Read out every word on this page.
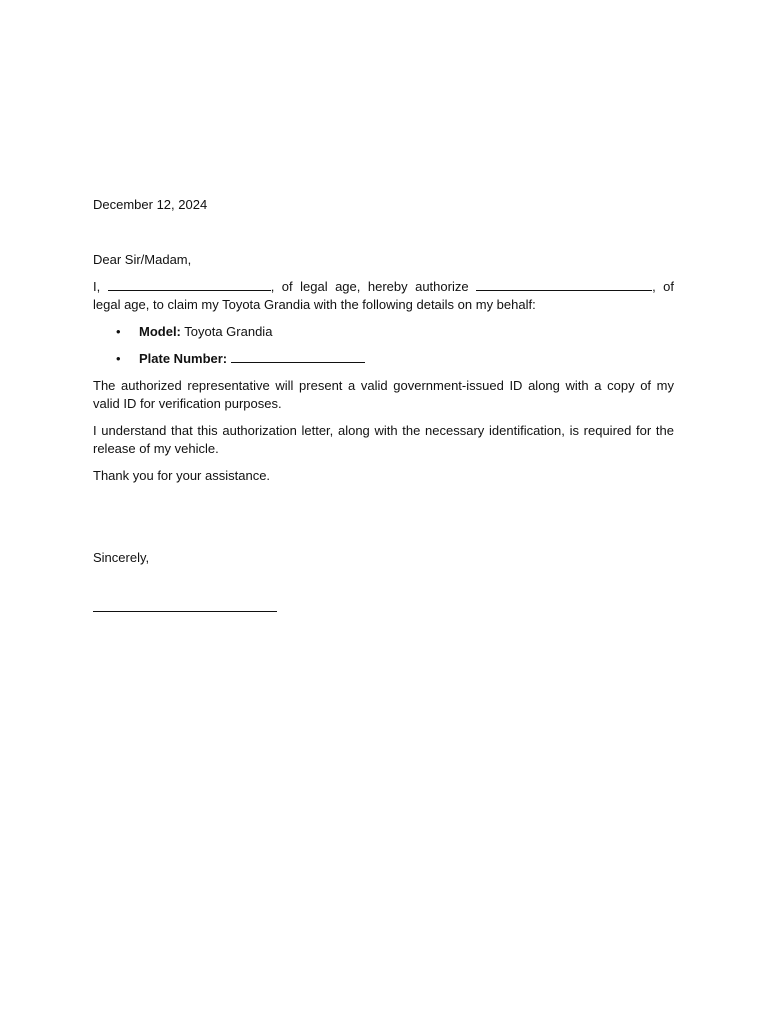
December 12, 2024

Dear Sir/Madam,

I,	, of legal age, hereby authorize	, of legal age, to claim my Toyota Grandia with the following details on my behalf:

• Model: Toyota Grandia
• Plate Number:

The authorized representative will present a valid government-issued ID along with a copy of my valid ID for verification purposes.

I understand that this authorization letter, along with the necessary identification, is required for the release of my vehicle.

Thank you for your assistance.

Sincerely,
